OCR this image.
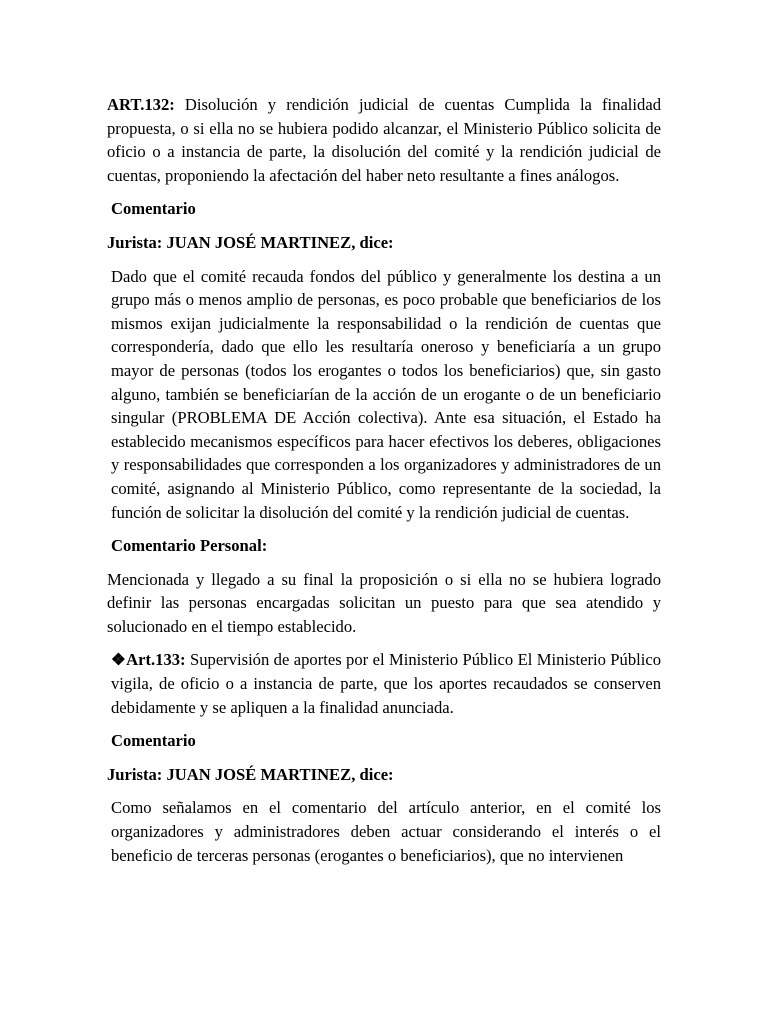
ART.132: Disolución y rendición judicial de cuentas Cumplida la finalidad propuesta, o si ella no se hubiera podido alcanzar, el Ministerio Público solicita de oficio o a instancia de parte, la disolución del comité y la rendición judicial de cuentas, proponiendo la afectación del haber neto resultante a fines análogos.

Comentario

Jurista: JUAN JOSÉ MARTINEZ, dice:

Dado que el comité recauda fondos del público y generalmente los destina a un grupo más o menos amplio de personas, es poco probable que beneficiarios de los mismos exijan judicialmente la responsabilidad o la rendición de cuentas que correspondería, dado que ello les resultaría oneroso y beneficiaría a un grupo mayor de personas (todos los erogantes o todos los beneficiarios) que, sin gasto alguno, también se beneficiarían de la acción de un erogante o de un beneficiario singular (PROBLEMA DE Acción colectiva). Ante esa situación, el Estado ha establecido mecanismos específicos para hacer efectivos los deberes, obligaciones y responsabilidades que corresponden a los organizadores y administradores de un comité, asignando al Ministerio Público, como representante de la sociedad, la función de solicitar la disolución del comité y la rendición judicial de cuentas.

Comentario Personal:

Mencionada y llegado a su final la proposición o si ella no se hubiera logrado definir las personas encargadas solicitan un puesto para que sea atendido y solucionado en el tiempo establecido.

❖Art.133: Supervisión de aportes por el Ministerio Público El Ministerio Público vigila, de oficio o a instancia de parte, que los aportes recaudados se conserven debidamente y se apliquen a la finalidad anunciada.

Comentario

Jurista: JUAN JOSÉ MARTINEZ, dice:

Como señalamos en el comentario del artículo anterior, en el comité los organizadores y administradores deben actuar considerando el interés o el beneficio de terceras personas (erogantes o beneficiarios), que no intervienen
